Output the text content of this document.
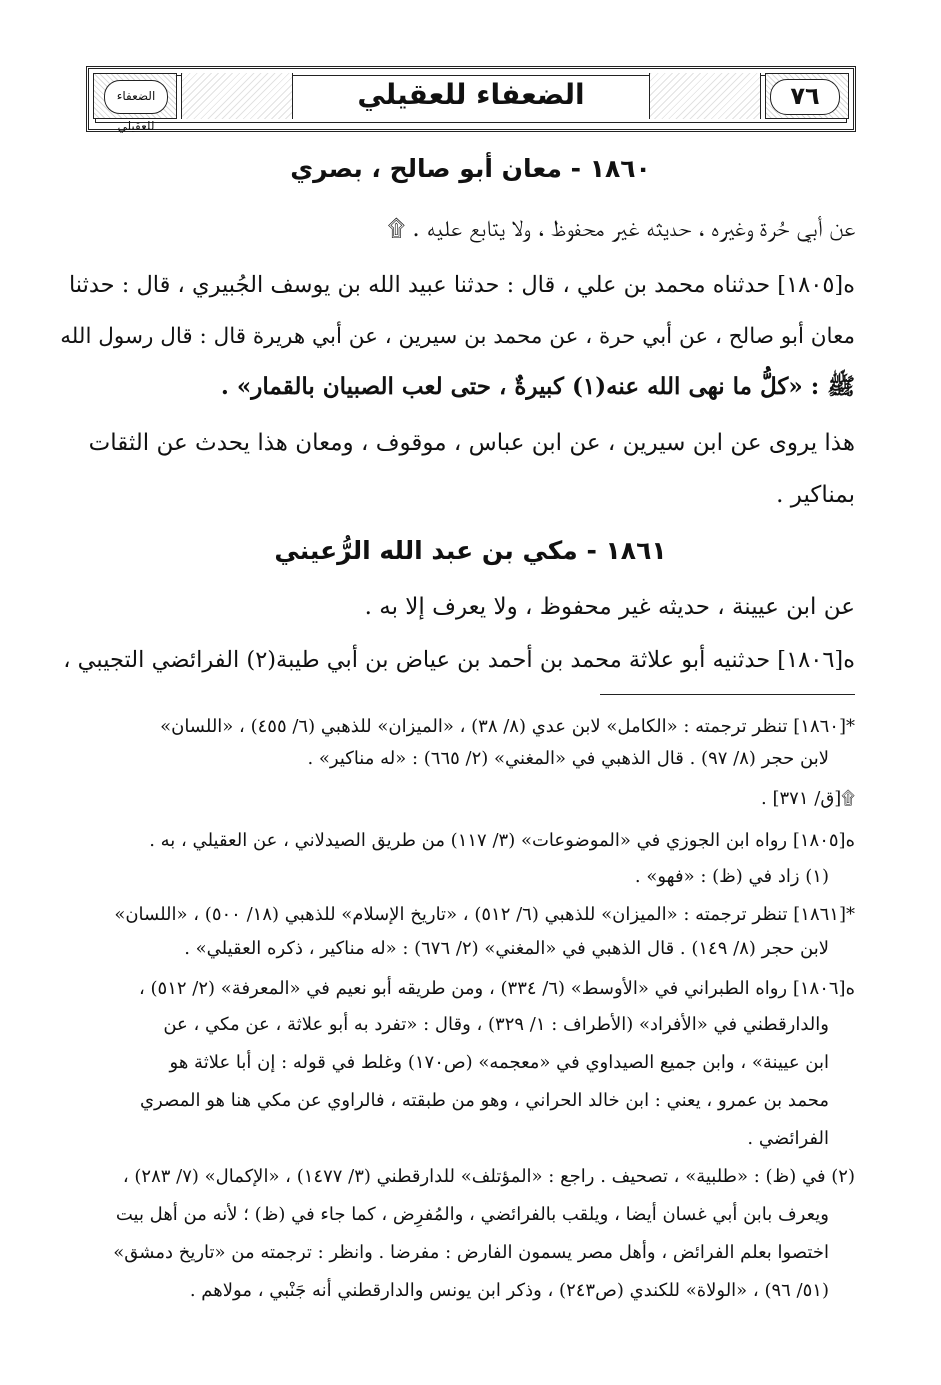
الضعفاء للعقيلي
الضعفاء للعقيلي	٧٦
١٨٦٠ - معان أبو صالح ، بصري
عن أبي حُرة وغيره ، حديثه غير محفوظ ، ولا يتابع عليه . ۩
ه[١٨٠٥] حدثناه محمد بن علي ، قال : حدثنا عبيد الله بن يوسف الجُبيري ، قال : حدثنا
معان أبو صالح ، عن أبي حرة ، عن محمد بن سيرين ، عن أبي هريرة قال : قال رسول الله
ﷺ : «كلُّ ما نهى الله عنه(١) كبيرةٌ ، حتى لعب الصبيان بالقمار» .
هذا يروى عن ابن سيرين ، عن ابن عباس ، موقوف ، ومعان هذا يحدث عن الثقات
بمناكير .
١٨٦١ - مكي بن عبد الله الرُّعيني
عن ابن عيينة ، حديثه غير محفوظ ، ولا يعرف إلا به .
ه[١٨٠٦] حدثنيه أبو علاثة محمد بن أحمد بن عياض بن أبي طيبة(٢) الفرائضي التجيبي ،
*[١٨٦٠] تنظر ترجمته : «الكامل» لابن عدي (٨/ ٣٨) ، «الميزان» للذهبي (٦/ ٤٥٥) ، «اللسان»
لابن حجر (٨/ ٩٧) . قال الذهبي في «المغني» (٢/ ٦٦٥) : «له مناكير» .
۩[ق/ ٣٧١] .
ه[١٨٠٥] رواه ابن الجوزي في «الموضوعات» (٣/ ١١٧) من طريق الصيدلاني ، عن العقيلي ، به .
(١) زاد في (ظ) : «فهو» .
*[١٨٦١] تنظر ترجمته : «الميزان» للذهبي (٦/ ٥١٢) ، «تاريخ الإسلام» للذهبي (١٨/ ٥٠٠) ، «اللسان»
لابن حجر (٨/ ١٤٩) . قال الذهبي في «المغني» (٢/ ٦٧٦) : «له مناكير ، ذكره العقيلي» .
ه[١٨٠٦] رواه الطبراني في «الأوسط» (٦/ ٣٣٤) ، ومن طريقه أبو نعيم في «المعرفة» (٢/ ٥١٢) ،
والدارقطني في «الأفراد» (الأطراف : ١/ ٣٢٩) ، وقال : «تفرد به أبو علاثة ، عن مكي ، عن
ابن عيينة» ، وابن جميع الصيداوي في «معجمه» (ص١٧٠) وغلط في قوله : إن أبا علاثة هو
محمد بن عمرو ، يعني : ابن خالد الحراني ، وهو من طبقته ، فالراوي عن مكي هنا هو المصري
الفرائضي .
(٢) في (ظ) : «طلبية» ، تصحيف . راجع : «المؤتلف» للدارقطني (٣/ ١٤٧٧) ، «الإكمال» (٧/ ٢٨٣) ،
ويعرف بابن أبي غسان أيضا ، ويلقب بالفرائضي ، والمُفرِض ، كما جاء في (ظ) ؛ لأنه من أهل بيت
اختصوا بعلم الفرائض ، وأهل مصر يسمون الفارض : مفرضا . وانظر : ترجمته من «تاريخ دمشق»
(٥١/ ٩٦) ، «الولاة» للكندي (ص٢٤٣) ، وذكر ابن يونس والدارقطني أنه جَنْبي ، مولاهم .
